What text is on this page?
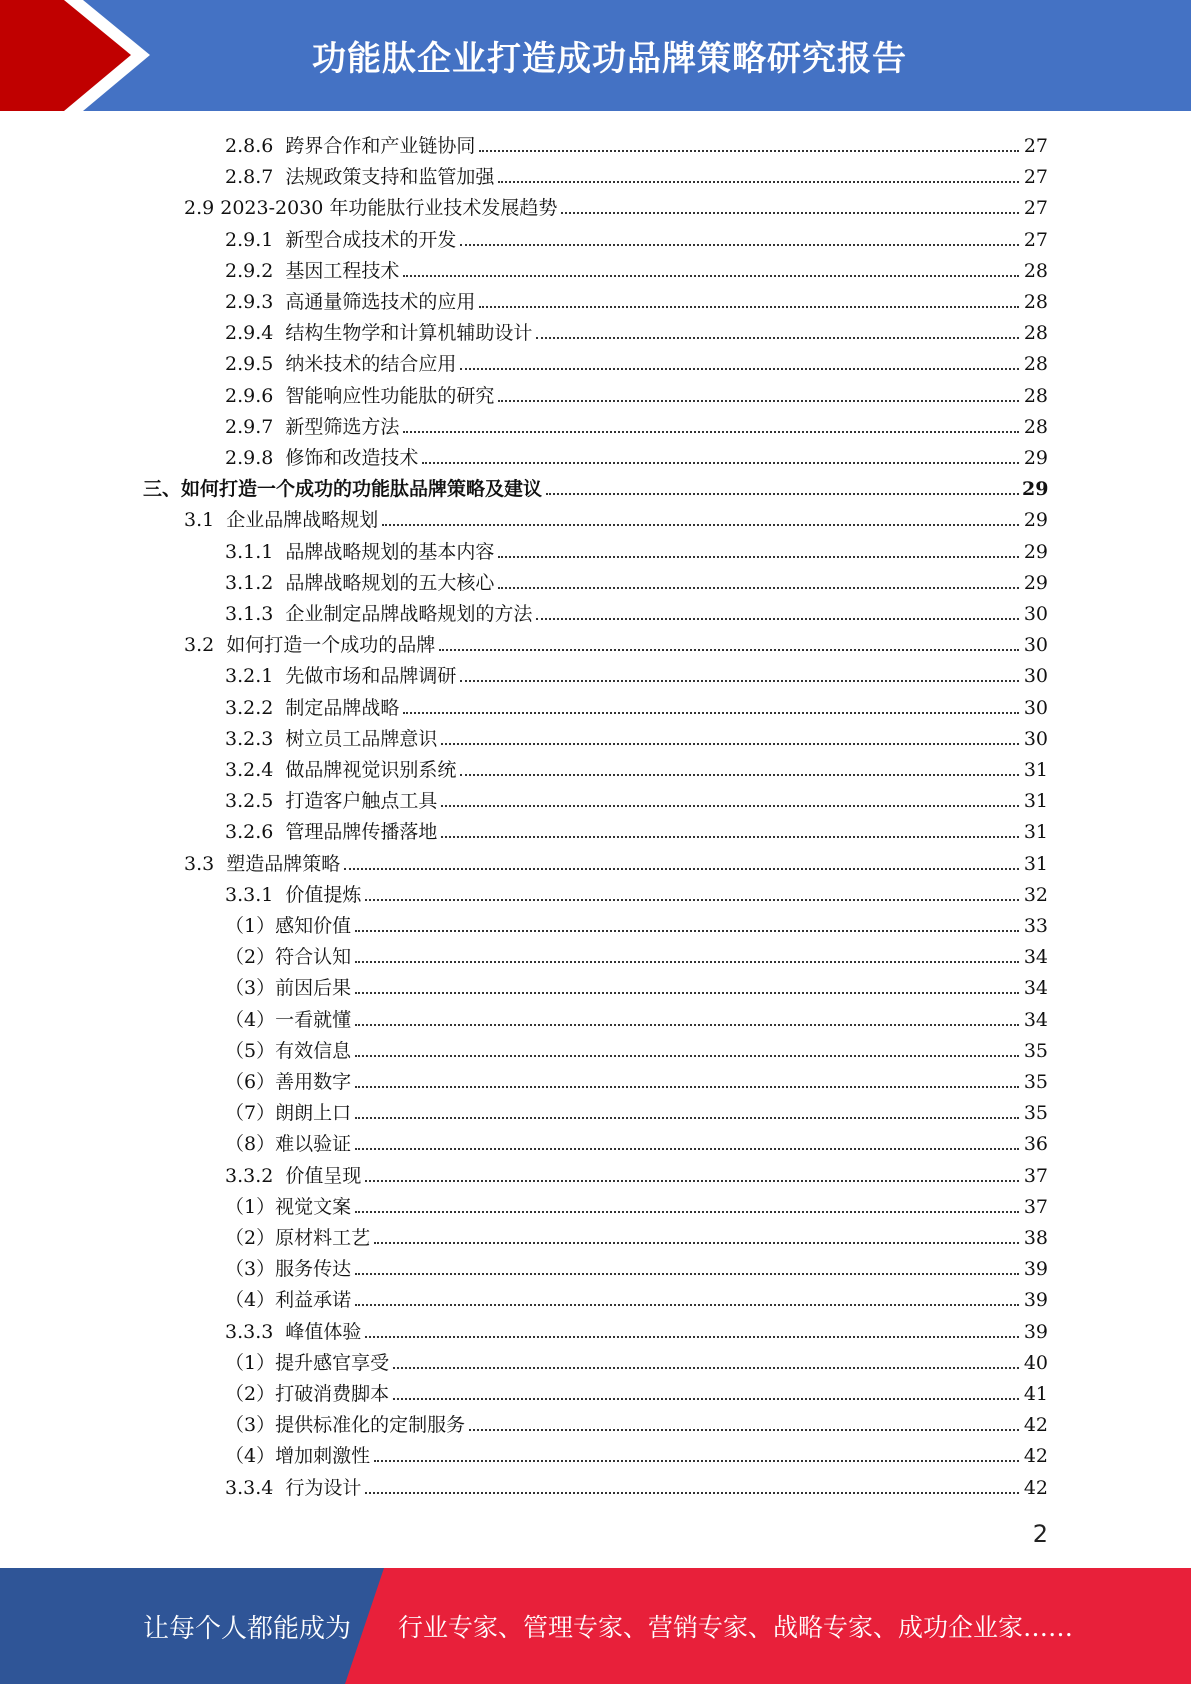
功能肽企业打造成功品牌策略研究报告
2.8.6  跨界合作和产业链协同	27
2.8.7  法规政策支持和监管加强	27
2.9 2023-2030 年功能肽行业技术发展趋势	27
2.9.1  新型合成技术的开发	27
2.9.2  基因工程技术	28
2.9.3  高通量筛选技术的应用	28
2.9.4  结构生物学和计算机辅助设计	28
2.9.5  纳米技术的结合应用	28
2.9.6  智能响应性功能肽的研究	28
2.9.7  新型筛选方法	28
2.9.8  修饰和改造技术	29
三、如何打造一个成功的功能肽品牌策略及建议	29
3.1  企业品牌战略规划	29
3.1.1  品牌战略规划的基本内容	29
3.1.2  品牌战略规划的五大核心	29
3.1.3  企业制定品牌战略规划的方法	30
3.2  如何打造一个成功的品牌	30
3.2.1  先做市场和品牌调研	30
3.2.2  制定品牌战略	30
3.2.3  树立员工品牌意识	30
3.2.4  做品牌视觉识别系统	31
3.2.5  打造客户触点工具	31
3.2.6  管理品牌传播落地	31
3.3  塑造品牌策略	31
3.3.1  价值提炼	32
（1）感知价值	33
（2）符合认知	34
（3）前因后果	34
（4）一看就懂	34
（5）有效信息	35
（6）善用数字	35
（7）朗朗上口	35
（8）难以验证	36
3.3.2  价值呈现	37
（1）视觉文案	37
（2）原材料工艺	38
（3）服务传达	39
（4）利益承诺	39
3.3.3  峰值体验	39
（1）提升感官享受	40
（2）打破消费脚本	41
（3）提供标准化的定制服务	42
（4）增加刺激性	42
3.3.4  行为设计	42
2
让每个人都能成为 行业专家、管理专家、营销专家、战略专家、成功企业家……
